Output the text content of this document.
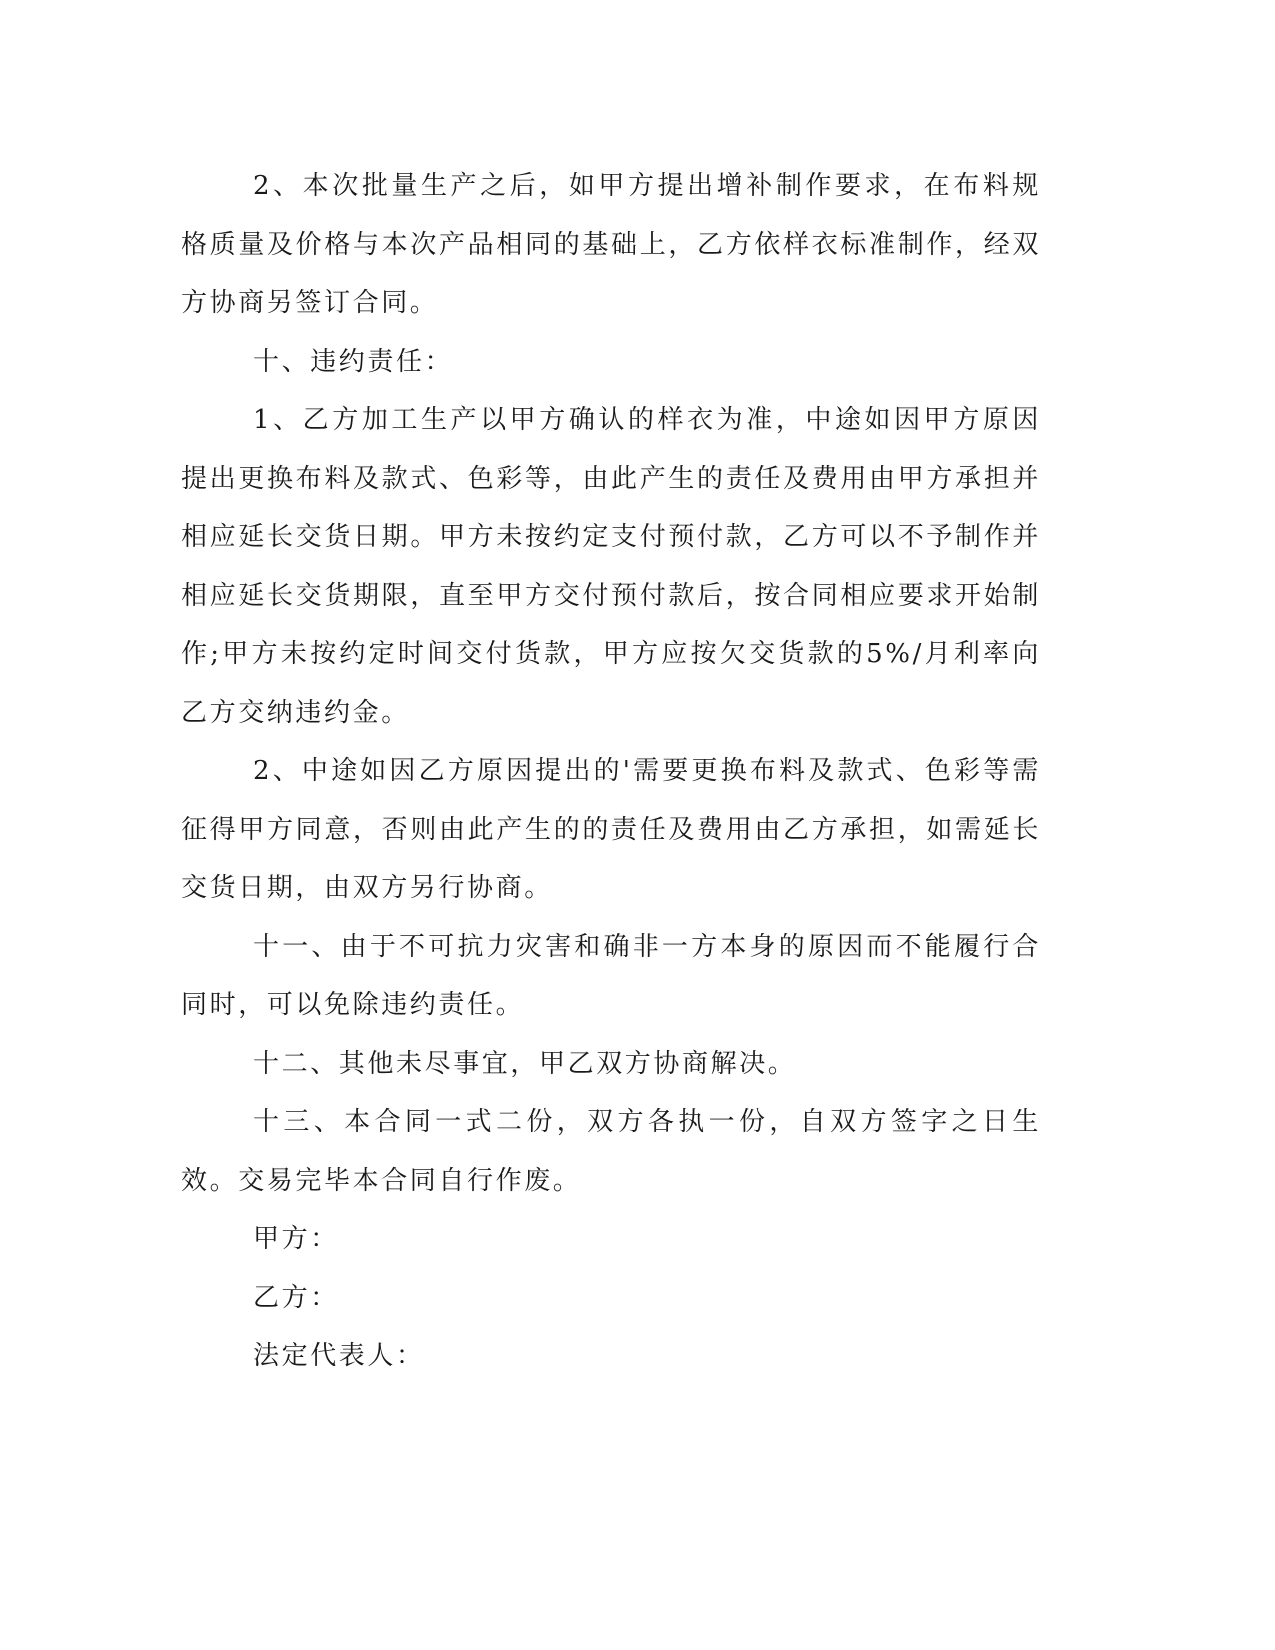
2、本次批量生产之后，如甲方提出增补制作要求，在布料规格质量及价格与本次产品相同的基础上，乙方依样衣标准制作，经双方协商另签订合同。

十、违约责任：

1、乙方加工生产以甲方确认的样衣为准，中途如因甲方原因提出更换布料及款式、色彩等，由此产生的责任及费用由甲方承担并相应延长交货日期。甲方未按约定支付预付款，乙方可以不予制作并相应延长交货期限，直至甲方交付预付款后，按合同相应要求开始制作;甲方未按约定时间交付货款，甲方应按欠交货款的5%/月利率向乙方交纳违约金。

2、中途如因乙方原因提出的'需要更换布料及款式、色彩等需征得甲方同意，否则由此产生的的责任及费用由乙方承担，如需延长交货日期，由双方另行协商。

十一、由于不可抗力灾害和确非一方本身的原因而不能履行合同时，可以免除违约责任。

十二、其他未尽事宜，甲乙双方协商解决。

十三、本合同一式二份，双方各执一份，自双方签字之日生效。交易完毕本合同自行作废。

甲方：

乙方：

法定代表人：
